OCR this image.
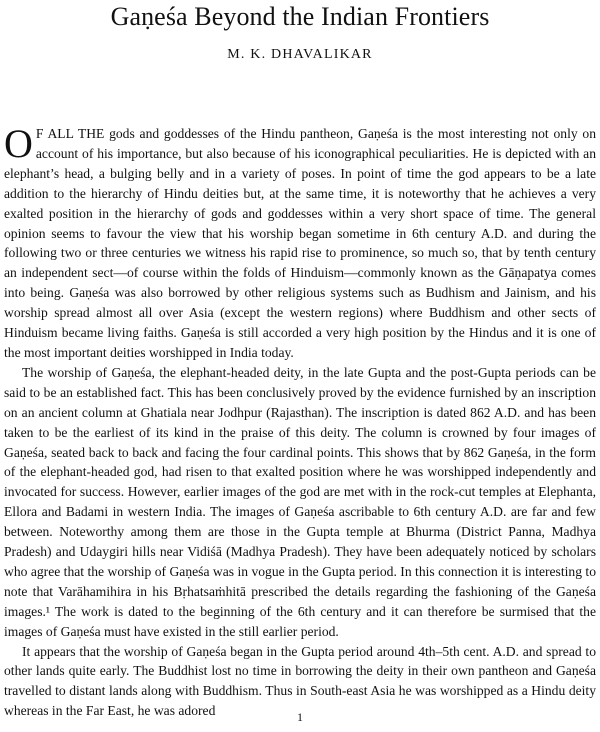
Gaṇeśa Beyond the Indian Frontiers
M. K. DHAVALIKAR

OF ALL THE gods and goddesses of the Hindu pantheon, Gaṇeśa is the most interesting not only on account of his importance, but also because of his iconographical peculiarities. He is depicted with an elephant’s head, a bulging belly and in a variety of poses. In point of time the god appears to be a late addition to the hierarchy of Hindu deities but, at the same time, it is noteworthy that he achieves a very exalted position in the hierarchy of gods and goddesses within a very short space of time. The general opinion seems to favour the view that his worship began sometime in 6th century A.D. and during the following two or three centuries we witness his rapid rise to prominence, so much so, that by tenth century an independent sect—of course within the folds of Hinduism—commonly known as the Gāṇapatya comes into being. Gaṇeśa was also borrowed by other religious systems such as Budhism and Jainism, and his worship spread almost all over Asia (except the western regions) where Buddhism and other sects of Hinduism became living faiths. Gaṇeśa is still accorded a very high position by the Hindus and it is one of the most important deities worshipped in India today.

The worship of Gaṇeśa, the elephant-headed deity, in the late Gupta and the post-Gupta periods can be said to be an established fact. This has been conclusively proved by the evidence furnished by an inscription on an ancient column at Ghatiala near Jodhpur (Rajasthan). The inscription is dated 862 A.D. and has been taken to be the earliest of its kind in the praise of this deity. The column is crowned by four images of Gaṇeśa, seated back to back and facing the four cardinal points. This shows that by 862 Gaṇeśa, in the form of the elephant-headed god, had risen to that exalted position where he was worshipped independently and invocated for success. However, earlier images of the god are met with in the rock-cut temples at Elephanta, Ellora and Badami in western India. The images of Gaṇeśa ascribable to 6th century A.D. are far and few between. Noteworthy among them are those in the Gupta temple at Bhurma (District Panna, Madhya Pradesh) and Udaygiri hills near Vidiśā (Madhya Pradesh). They have been adequately noticed by scholars who agree that the worship of Gaṇeśa was in vogue in the Gupta period. In this connection it is interesting to note that Varāhamihira in his Bṛhatsaṁhitā prescribed the details regarding the fashioning of the Gaṇeśa images.¹ The work is dated to the beginning of the 6th century and it can therefore be surmised that the images of Gaṇeśa must have existed in the still earlier period.

It appears that the worship of Gaṇeśa began in the Gupta period around 4th–5th cent. A.D. and spread to other lands quite early. The Buddhist lost no time in borrowing the deity in their own pantheon and Gaṇeśa travelled to distant lands along with Buddhism. Thus in South-east Asia he was worshipped as a Hindu deity whereas in the Far East, he was adored	1
